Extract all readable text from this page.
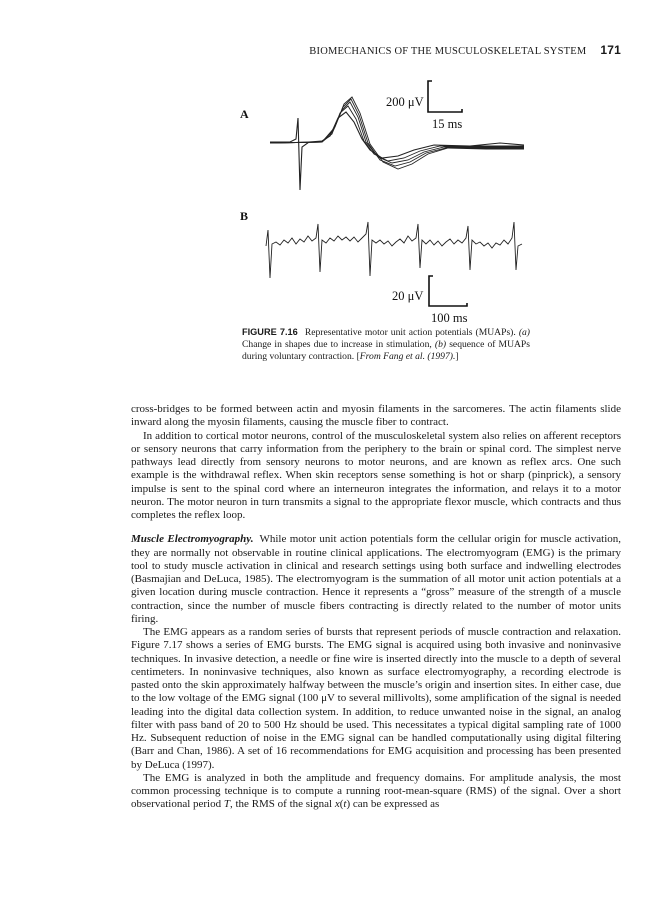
BIOMECHANICS OF THE MUSCULOSKELETAL SYSTEM 171
A
200 μV
15 ms
B
20 μV
100 ms
FIGURE 7.16 Representative motor unit action potentials (MUAPs). (a) Change in shapes due to increase in stimulation, (b) sequence of MUAPs during voluntary contraction. [From Fang et al. (1997).]

cross-bridges to be formed between actin and myosin filaments in the sarcomeres. The actin filaments slide inward along the myosin filaments, causing the muscle fiber to contract.

In addition to cortical motor neurons, control of the musculoskeletal system also relies on afferent receptors or sensory neurons that carry information from the periphery to the brain or spinal cord. The simplest nerve pathways lead directly from sensory neurons to motor neurons, and are known as reflex arcs. One such example is the withdrawal reflex. When skin receptors sense something is hot or sharp (pinprick), a sensory impulse is sent to the spinal cord where an interneuron integrates the information, and relays it to a motor neuron. The motor neuron in turn transmits a signal to the appropriate flexor muscle, which contracts and thus completes the reflex loop.

Muscle Electromyography. While motor unit action potentials form the cellular origin for muscle activation, they are normally not observable in routine clinical applications. The electromyogram (EMG) is the primary tool to study muscle activation in clinical and research settings using both surface and indwelling electrodes (Basmajian and DeLuca, 1985). The electromyogram is the summation of all motor unit action potentials at a given location during muscle contraction. Hence it represents a “gross” measure of the strength of a muscle contraction, since the number of muscle fibers contracting is directly related to the number of motor units firing.

The EMG appears as a random series of bursts that represent periods of muscle contraction and relaxation. Figure 7.17 shows a series of EMG bursts. The EMG signal is acquired using both invasive and noninvasive techniques. In invasive detection, a needle or fine wire is inserted directly into the muscle to a depth of several centimeters. In noninvasive techniques, also known as surface electromyography, a recording electrode is pasted onto the skin approximately halfway between the muscle’s origin and insertion sites. In either case, due to the low voltage of the EMG signal (100 μV to several millivolts), some amplification of the signal is needed leading into the digital data collection system. In addition, to reduce unwanted noise in the signal, an analog filter with pass band of 20 to 500 Hz should be used. This necessitates a typical digital sampling rate of 1000 Hz. Subsequent reduction of noise in the EMG signal can be handled computationally using digital filtering (Barr and Chan, 1986). A set of 16 recommendations for EMG acquisition and processing has been presented by DeLuca (1997).

The EMG is analyzed in both the amplitude and frequency domains. For amplitude analysis, the most common processing technique is to compute a running root-mean-square (RMS) of the signal. Over a short observational period T, the RMS of the signal x(t) can be expressed as
